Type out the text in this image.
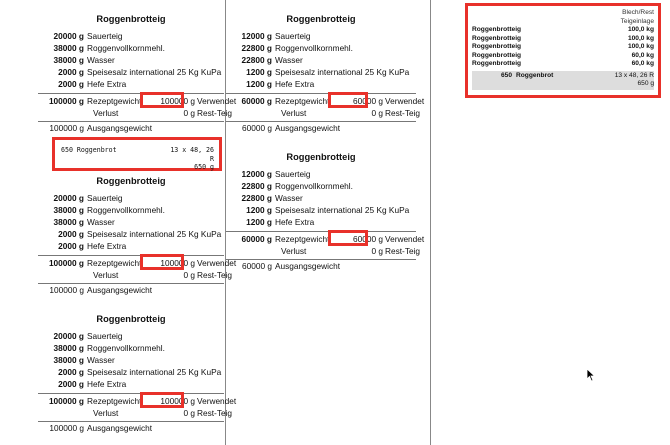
Roggenbrotteig
20000 g Sauerteig
38000 g Roggenvollkornmehl.
38000 g Wasser
2000 g Speisesalz international 25 Kg KuPa
2000 g Hefe Extra
100000 g Rezeptgewicht	100000 g Verwendet
Verlust	0 g Rest-Teig
100000 g Ausgangsgewicht
650 Roggenbrot	13 x 48, 26
R
650 g
Roggenbrotteig
20000 g Sauerteig
38000 g Roggenvollkornmehl.
38000 g Wasser
2000 g Speisesalz international 25 Kg KuPa
2000 g Hefe Extra
100000 g Rezeptgewicht	100000 g Verwendet
Verlust	0 g Rest-Teig
100000 g Ausgangsgewicht
Roggenbrotteig
20000 g Sauerteig
38000 g Roggenvollkornmehl.
38000 g Wasser
2000 g Speisesalz international 25 Kg KuPa
2000 g Hefe Extra
100000 g Rezeptgewicht	100000 g Verwendet
Verlust	0 g Rest-Teig
100000 g Ausgangsgewicht
Roggenbrotteig
12000 g Sauerteig
22800 g Roggenvollkornmehl.
22800 g Wasser
1200 g Speisesalz international 25 Kg KuPa
1200 g Hefe Extra
60000 g Rezeptgewicht	60000 g Verwendet
Verlust	0 g Rest-Teig
60000 g Ausgangsgewicht
Roggenbrotteig
12000 g Sauerteig
22800 g Roggenvollkornmehl.
22800 g Wasser
1200 g Speisesalz international 25 Kg KuPa
1200 g Hefe Extra
60000 g Rezeptgewicht	60000 g Verwendet
Verlust	0 g Rest-Teig
60000 g Ausgangsgewicht
Blech/Rest
Teigeinlage
Roggenbrotteig	100,0 kg
Roggenbrotteig	100,0 kg
Roggenbrotteig	100,0 kg
Roggenbrotteig	60,0 kg
Roggenbrotteig	60,0 kg
650 Roggenbrot	13 x 48, 26 R
650 g
